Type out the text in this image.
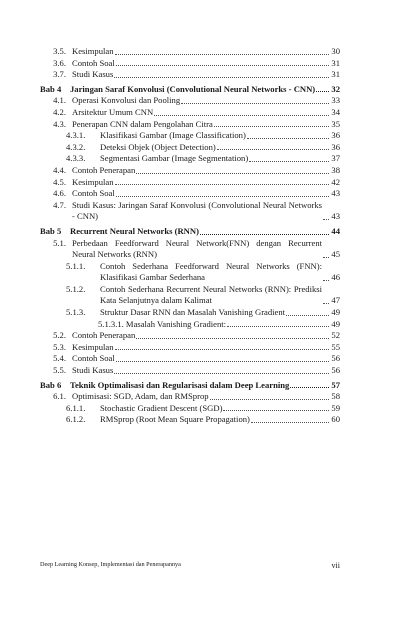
3.5. Kesimpulan	30
3.6. Contoh Soal	31
3.7. Studi Kasus	31
Bab 4	Jaringan Saraf Konvolusi (Convolutional Neural Networks - CNN) 32
4.1. Operasi Konvolusi dan Pooling	33
4.2. Arsitektur Umum CNN	34
4.3. Penerapan CNN dalam Pengolahan Citra	35
4.3.1.	Klasifikasi Gambar (Image Classification)	36
4.3.2.	Deteksi Objek (Object Detection)	36
4.3.3.	Segmentasi Gambar (Image Segmentation)	37
4.4. Contoh Penerapan	38
4.5. Kesimpulan	42
4.6. Contoh Soal	43
4.7. Studi Kasus: Jaringan Saraf Konvolusi (Convolutional Neural Networks - CNN)	43
Bab 5	Recurrent Neural Networks (RNN)	44
5.1. Perbedaan Feedforward Neural Network(FNN) dengan Recurrent Neural Networks (RNN)	45
5.1.1.	Contoh Sederhana Feedforward Neural Networks (FNN): Klasifikasi Gambar Sederhana	46
5.1.2.	Contoh Sederhana Recurrent Neural Networks (RNN): Prediksi Kata Selanjutnya dalam Kalimat	47
5.1.3.	Struktur Dasar RNN dan Masalah Vanishing Gradient	49
5.1.3.1. Masalah Vanishing Gradient:	49
5.2. Contoh Penerapan	52
5.3. Kesimpulan	55
5.4. Contoh Soal	56
5.5. Studi Kasus	56
Bab 6	Teknik Optimalisasi dan Regularisasi dalam Deep Learning	57
6.1. Optimisasi: SGD, Adam, dan RMSprop	58
6.1.1.	Stochastic Gradient Descent (SGD)	59
6.1.2.	RMSprop (Root Mean Square Propagation)	60
Deep Learning Konsep, Implementasi dan Penerapannya	vii
